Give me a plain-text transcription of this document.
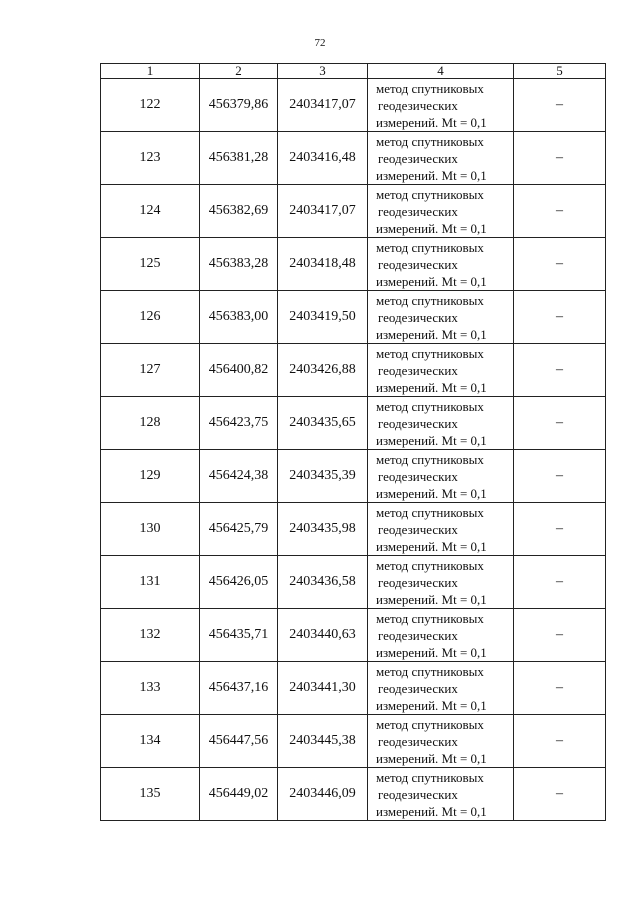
72
1	2	3	4	5
122	456379,86	2403417,07	метод спутниковых
геодезических
измерений. Mt = 0,1	–
123	456381,28	2403416,48	метод спутниковых
геодезических
измерений. Mt = 0,1	–
124	456382,69	2403417,07	метод спутниковых
геодезических
измерений. Mt = 0,1	–
125	456383,28	2403418,48	метод спутниковых
геодезических
измерений. Mt = 0,1	–
126	456383,00	2403419,50	метод спутниковых
геодезических
измерений. Mt = 0,1	–
127	456400,82	2403426,88	метод спутниковых
геодезических
измерений. Mt = 0,1	–
128	456423,75	2403435,65	метод спутниковых
геодезических
измерений. Mt = 0,1	–
129	456424,38	2403435,39	метод спутниковых
геодезических
измерений. Mt = 0,1	–
130	456425,79	2403435,98	метод спутниковых
геодезических
измерений. Mt = 0,1	–
131	456426,05	2403436,58	метод спутниковых
геодезических
измерений. Mt = 0,1	–
132	456435,71	2403440,63	метод спутниковых
геодезических
измерений. Mt = 0,1	–
133	456437,16	2403441,30	метод спутниковых
геодезических
измерений. Mt = 0,1	–
134	456447,56	2403445,38	метод спутниковых
геодезических
измерений. Mt = 0,1	–
135	456449,02	2403446,09	метод спутниковых
геодезических
измерений. Mt = 0,1	–
